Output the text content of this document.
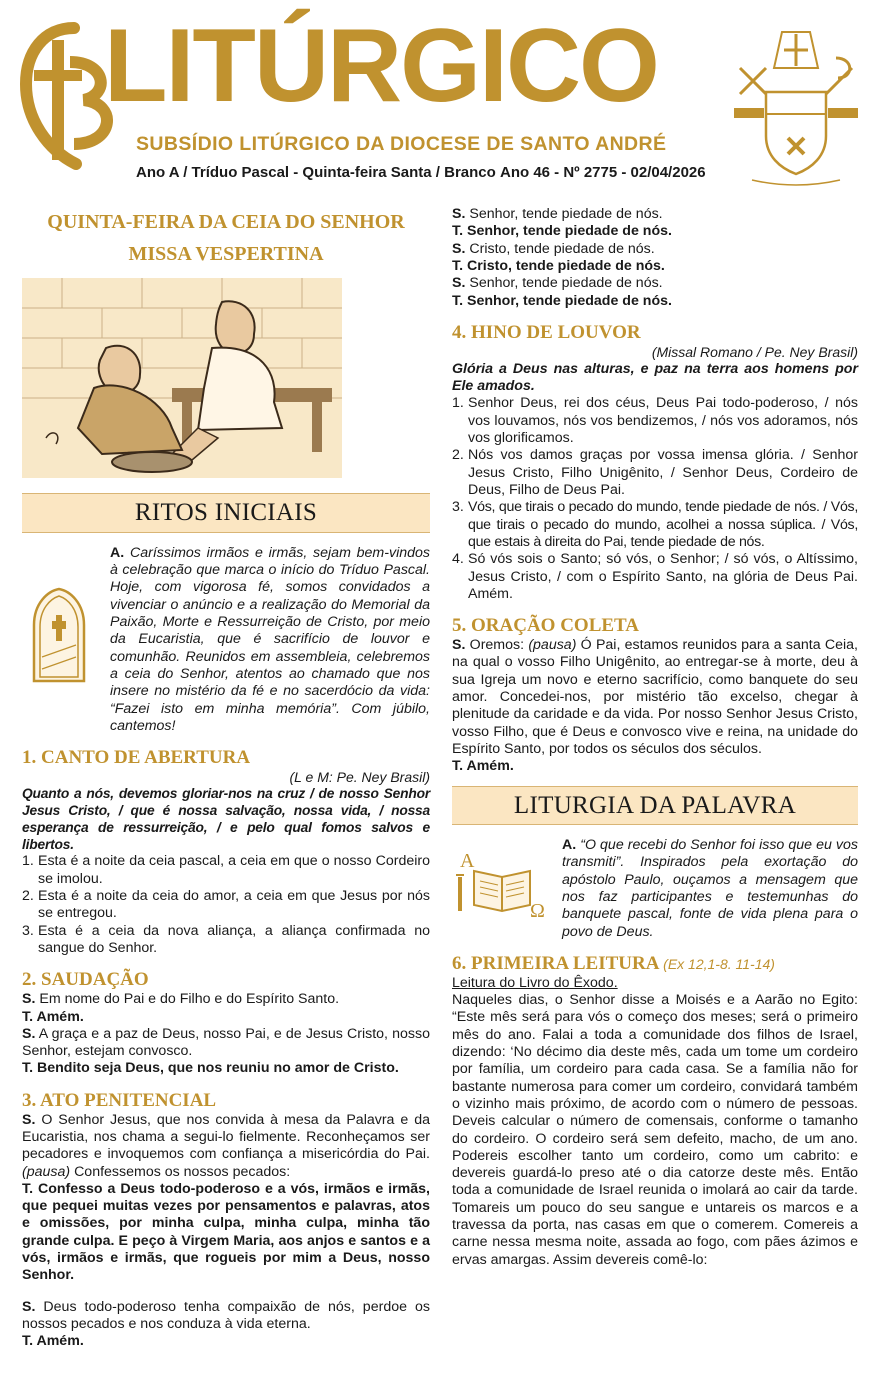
LITÚRGICO
SUBSÍDIO LITÚRGICO DA DIOCESE DE SANTO ANDRÉ
Ano A / Tríduo Pascal - Quinta-feira Santa / Branco Ano 46 - Nº 2775 - 02/04/2026
QUINTA-FEIRA DA CEIA DO SENHOR
MISSA VESPERTINA
RITOS INICIAIS
A. Caríssimos irmãos e irmãs, sejam bem-vindos à celebração que marca o início do Tríduo Pascal. Hoje, com vigorosa fé, somos convidados a vivenciar o anúncio e a realização do Memorial da Paixão, Morte e Ressurreição de Cristo, por meio da Eucaristia, que é sacrifício de louvor e comunhão. Reunidos em assembleia, celebremos a ceia do Senhor, atentos ao chamado que nos insere no mistério da fé e no sacerdócio da vida: “Fazei isto em minha memória”. Com júbilo, cantemos!
1. CANTO DE ABERTURA
(L e M: Pe. Ney Brasil)

Quanto a nós, devemos gloriar-nos na cruz / de nosso Senhor Jesus Cristo, / que é nossa salvação, nossa vida, / nossa esperança de ressurreição, / e pelo qual fomos salvos e libertos.

1. Esta é a noite da ceia pascal, a ceia em que o nosso Cordeiro se imolou.
2. Esta é a noite da ceia do amor, a ceia em que Jesus por nós se entregou.
3. Esta é a ceia da nova aliança, a aliança confirmada no sangue do Senhor.
2. SAUDAÇÃO

S. Em nome do Pai e do Filho e do Espírito Santo.

T. Amém.

S. A graça e a paz de Deus, nosso Pai, e de Jesus Cristo, nosso Senhor, estejam convosco.

T. Bendito seja Deus, que nos reuniu no amor de Cristo.

3. ATO PENITENCIAL

S. O Senhor Jesus, que nos convida à mesa da Palavra e da Eucaristia, nos chama a segui-lo fielmente. Reconheçamos ser pecadores e invoquemos com confiança a misericórdia do Pai. (pausa) Confessemos os nossos pecados:

T. Confesso a Deus todo-poderoso e a vós, irmãos e irmãs, que pequei muitas vezes por pensamentos e palavras, atos e omissões, por minha culpa, minha culpa, minha tão grande culpa. E peço à Virgem Maria, aos anjos e santos e a vós, irmãos e irmãs, que rogueis por mim a Deus, nosso Senhor.

S. Deus todo-poderoso tenha compaixão de nós, perdoe os nossos pecados e nos conduza à vida eterna.

T. Amém.

S. Senhor, tende piedade de nós.

T. Senhor, tende piedade de nós.

S. Cristo, tende piedade de nós.

T. Cristo, tende piedade de nós.

S. Senhor, tende piedade de nós.

T. Senhor, tende piedade de nós.

4. HINO DE LOUVOR
(Missal Romano / Pe. Ney Brasil)

Glória a Deus nas alturas, e paz na terra aos homens por Ele amados.

1. Senhor Deus, rei dos céus, Deus Pai todo-poderoso, / nós vos louvamos, nós vos bendizemos, / nós vos adoramos, nós vos glorificamos.
2. Nós vos damos graças por vossa imensa glória. / Senhor Jesus Cristo, Filho Unigênito, / Senhor Deus, Cordeiro de Deus, Filho de Deus Pai.
3. Vós, que tirais o pecado do mundo, tende piedade de nós. / Vós, que tirais o pecado do mundo, acolhei a nossa súplica. / Vós, que estais à direita do Pai, tende piedade de nós.
4. Só vós sois o Santo; só vós, o Senhor; / só vós, o Altíssimo, Jesus Cristo, / com o Espírito Santo, na glória de Deus Pai. Amém.
5. ORAÇÃO COLETA

S. Oremos: (pausa) Ó Pai, estamos reunidos para a santa Ceia, na qual o vosso Filho Unigênito, ao entregar-se à morte, deu à sua Igreja um novo e eterno sacrifício, como banquete do seu amor. Concedei-nos, por mistério tão excelso, chegar à plenitude da caridade e da vida. Por nosso Senhor Jesus Cristo, vosso Filho, que é Deus e convosco vive e reina, na unidade do Espírito Santo, por todos os séculos dos séculos.

T. Amém.

LITURGIA DA PALAVRA
A
Ω
A. “O que recebi do Senhor foi isso que eu vos transmiti”. Inspirados pela exortação do apóstolo Paulo, ouçamos a mensagem que nos faz participantes e testemunhas do banquete pascal, fonte de vida plena para o povo de Deus.
6. PRIMEIRA LEITURA (Ex 12,1-8. 11-14)

Leitura do Livro do Êxodo.

Naqueles dias, o Senhor disse a Moisés e a Aarão no Egito: “Este mês será para vós o começo dos meses; será o primeiro mês do ano. Falai a toda a comunidade dos filhos de Israel, dizendo: ‘No décimo dia deste mês, cada um tome um cordeiro por família, um cordeiro para cada casa. Se a família não for bastante numerosa para comer um cordeiro, convidará também o vizinho mais próximo, de acordo com o número de pessoas. Deveis calcular o número de comensais, conforme o tamanho do cordeiro. O cordeiro será sem defeito, macho, de um ano. Podereis escolher tanto um cordeiro, como um cabrito: e devereis guardá-lo preso até o dia catorze deste mês. Então toda a comunidade de Israel reunida o imolará ao cair da tarde. Tomareis um pouco do seu sangue e untareis os marcos e a travessa da porta, nas casas em que o comerem. Comereis a carne nessa mesma noite, assada ao fogo, com pães ázimos e ervas amargas. Assim devereis comê-lo:
